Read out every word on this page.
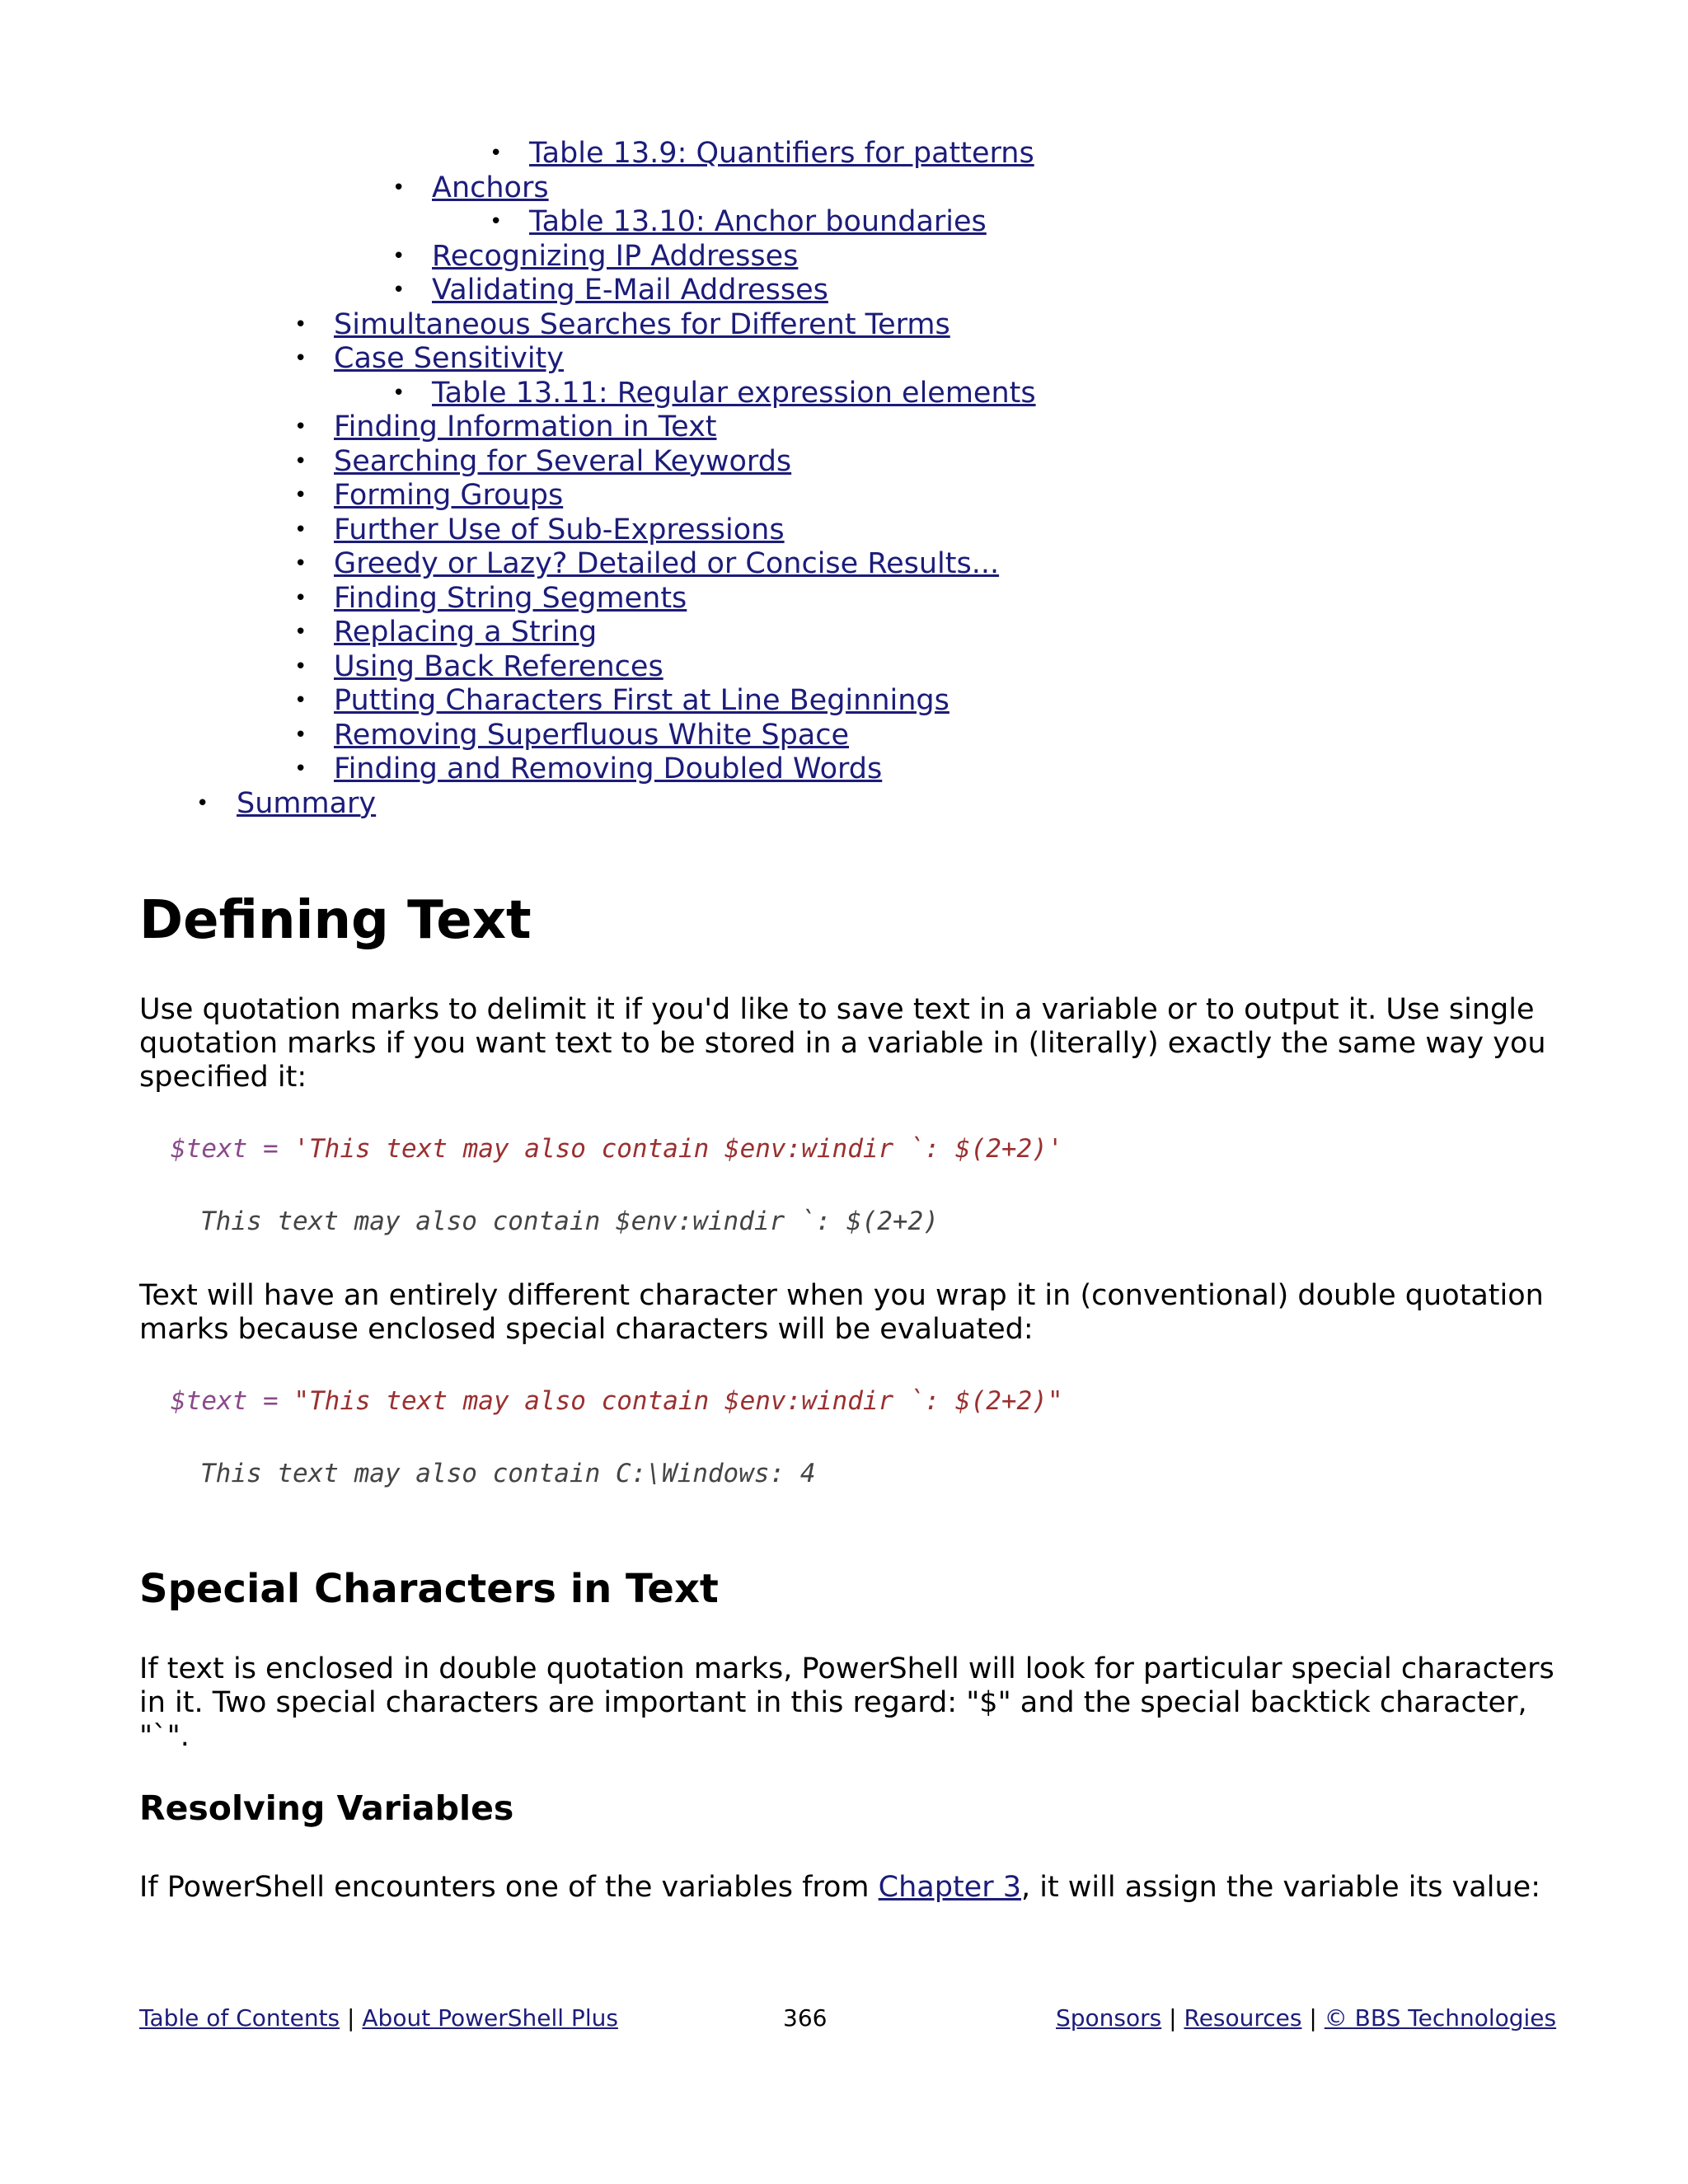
• Table 13.9: Quantifiers for patterns
• Anchors
• Table 13.10: Anchor boundaries
• Recognizing IP Addresses
• Validating E-Mail Addresses
• Simultaneous Searches for Different Terms
• Case Sensitivity
• Table 13.11: Regular expression elements
• Finding Information in Text
• Searching for Several Keywords
• Forming Groups
• Further Use of Sub-Expressions
• Greedy or Lazy? Detailed or Concise Results...
• Finding String Segments
• Replacing a String
• Using Back References
• Putting Characters First at Line Beginnings
• Removing Superfluous White Space
• Finding and Removing Doubled Words
• Summary
Defining Text

Use quotation marks to delimit it if you'd like to save text in a variable or to output it. Use single quotation marks if you want text to be stored in a variable in (literally) exactly the same way you specified it:

$text = 'This text may also contain $env:windir `: $(2+2)'
This text may also contain $env:windir `: $(2+2)

Text will have an entirely different character when you wrap it in (conventional) double quotation marks because enclosed special characters will be evaluated:

$text = "This text may also contain $env:windir `: $(2+2)"
This text may also contain C:\Windows: 4
Special Characters in Text

If text is enclosed in double quotation marks, PowerShell will look for particular special characters in it. Two special characters are important in this regard: "$" and the special backtick character, "`".

Resolving Variables

If PowerShell encounters one of the variables from Chapter 3, it will assign the variable its value:

Table of Contents | About PowerShell Plus	366	Sponsors | Resources | © BBS Technologies
